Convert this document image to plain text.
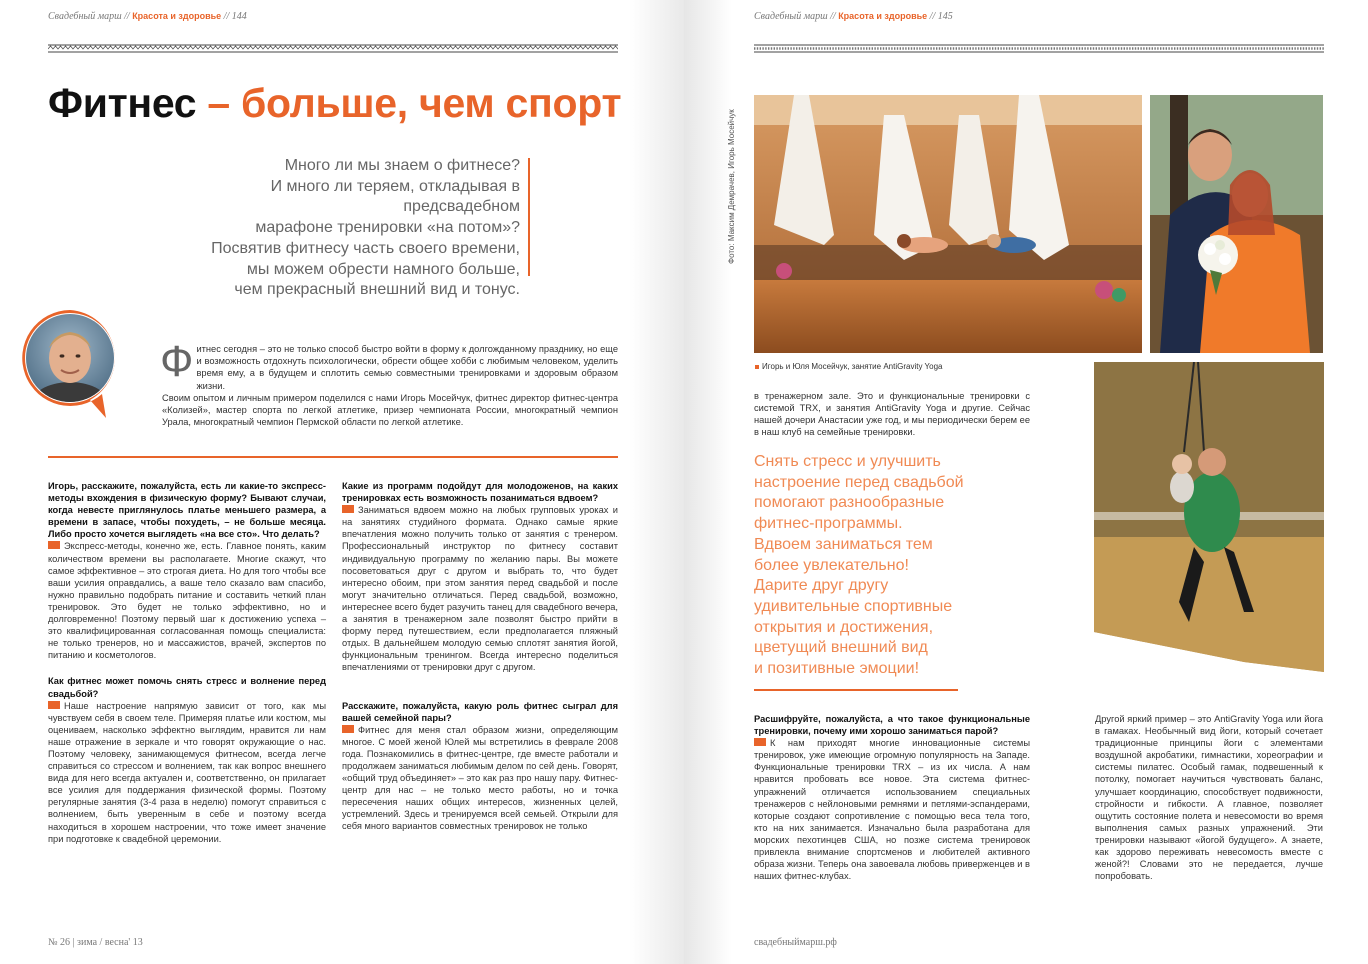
Свадебный марш // Красота и здоровье // 144
Фитнес – больше, чем спорт
Много ли мы знаем о фитнесе?
И много ли теряем, откладывая в предсвадебном
марафоне тренировки «на потом»?
Посвятив фитнесу часть своего времени,
мы можем обрести намного больше,
чем прекрасный внешний вид и тонус.
Ф итнес сегодня – это не только способ быстро войти в форму к долгожданному празднику, но еще и возможность отдохнуть психологически, обрести общее хобби с любимым человеком, уделить время ему, а в будущем и сплотить семью совместными тренировками и здоровым образом жизни.

Своим опытом и личным примером поделился с нами Игорь Мосейчук, фитнес директор фитнес-центра «Колизей», мастер спорта по легкой атлетике, призер чемпионата России, многократный чемпион Урала, многократный чемпион Пермской области по легкой атлетике.

Игорь, расскажите, пожалуйста, есть ли какие-то экспресс-методы вхождения в физическую форму? Бывают случаи, когда невесте приглянулось платье меньшего размера, а времени в запасе, чтобы похудеть, – не больше месяца. Либо просто хочется выглядеть «на все сто». Что делать?

Экспресс-методы, конечно же, есть. Главное понять, каким количеством времени вы располагаете. Многие скажут, что самое эффективное – это строгая диета. Но для того чтобы все ваши усилия оправдались, а ваше тело сказало вам спасибо, нужно правильно подобрать питание и составить четкий план тренировок. Это будет не только эффективно, но и долговременно! Поэтому первый шаг к достижению успеха – это квалифицированная согласованная помощь специалиста: не только тренеров, но и массажистов, врачей, экспертов по питанию и косметологов.

Как фитнес может помочь снять стресс и волнение перед свадьбой?

Наше настроение напрямую зависит от того, как мы чувствуем себя в своем теле. Примеряя платье или костюм, мы оцениваем, насколько эффектно выглядим, нравится ли нам наше отражение в зеркале и что говорят окружающие о нас. Поэтому человеку, занимающемуся фитнесом, всегда легче справиться со стрессом и волнением, так как вопрос внешнего вида для него всегда актуален и, соответственно, он прилагает все усилия для поддержания физической формы. Поэтому регулярные занятия (3-4 раза в неделю) помогут справиться с волнением, быть уверенным в себе и поэтому всегда находиться в хорошем настроении, что тоже имеет значение при подготовке к свадебной церемонии.

Какие из программ подойдут для молодоженов, на каких тренировках есть возможность позаниматься вдвоем?

Заниматься вдвоем можно на любых групповых уроках и на занятиях студийного формата. Однако самые яркие впечатления можно получить только от занятия с тренером. Профессиональный инструктор по фитнесу составит индивидуальную программу по желанию пары. Вы можете посоветоваться друг с другом и выбрать то, что будет интересно обоим, при этом занятия перед свадьбой и после могут значительно отличаться. Перед свадьбой, возможно, интереснее всего будет разучить танец для свадебного вечера, а занятия в тренажерном зале позволят быстро прийти в форму перед путешествием, если предполагается пляжный отдых. В дальнейшем молодую семью сплотят занятия йогой, функциональным тренингом. Всегда интересно поделиться впечатлениями от тренировки друг с другом.

Расскажите, пожалуйста, какую роль фитнес сыграл для вашей семейной пары?

Фитнес для меня стал образом жизни, определяющим многое. С моей женой Юлей мы встретились в феврале 2008 года. Познакомились в фитнес-центре, где вместе работали и продолжаем заниматься любимым делом по сей день. Говорят, «общий труд объединяет» – это как раз про нашу пару. Фитнес-центр для нас – не только место работы, но и точка пересечения наших общих интересов, жизненных целей, устремлений. Здесь и тренируемся всей семьей. Открыли для себя много вариантов совместных тренировок не только

№ 26 | зима / весна' 13
Свадебный марш // Красота и здоровье // 145
Фото: Максим Демрачев, Игорь Мосейчук
Игорь и Юля Мосейчук, занятие AntiGravity Yoga

в тренажерном зале. Это и функциональные тренировки с системой TRX, и занятия AntiGravity Yoga и другие. Сейчас нашей дочери Анастасии уже год, и мы периодически берем ее в наш клуб на семейные тренировки.

Снять стресс и улучшить

настроение перед свадьбой

помогают разнообразные

фитнес-программы.

Вдвоем заниматься тем

более увлекательно!

Дарите друг другу

удивительные спортивные

открытия и достижения,

цветущий внешний вид

и позитивные эмоции!

Расшифруйте, пожалуйста, а что такое функциональные тренировки, почему ими хорошо заниматься парой?

К нам приходят многие инновационные системы тренировок, уже имеющие огромную популярность на Западе. Функциональные тренировки TRX – из их числа. А нам нравится пробовать все новое. Эта система фитнес-упражнений отличается использованием специальных тренажеров с нейлоновыми ремнями и петлями-эспандерами, которые создают сопротивление с помощью веса тела того, кто на них занимается. Изначально была разработана для морских пехотинцев США, но позже система тренировок привлекла внимание спортсменов и любителей активного образа жизни. Теперь она завоевала любовь приверженцев и в наших фитнес-клубах.

Другой яркий пример – это AntiGravity Yoga или йога в гамаках. Необычный вид йоги, который сочетает традиционные принципы йоги с элементами воздушной акробатики, гимнастики, хореографии и системы пилатес. Особый гамак, подвешенный к потолку, помогает научиться чувствовать баланс, улучшает координацию, способствует подвижности, стройности и гибкости. А главное, позволяет ощутить состояние полета и невесомости во время выполнения самых разных упражнений. Эти тренировки называют «йогой будущего». А знаете, как здорово переживать невесомость вместе с женой?! Словами это не передается, лучше попробовать.

свадебныймарш.рф
